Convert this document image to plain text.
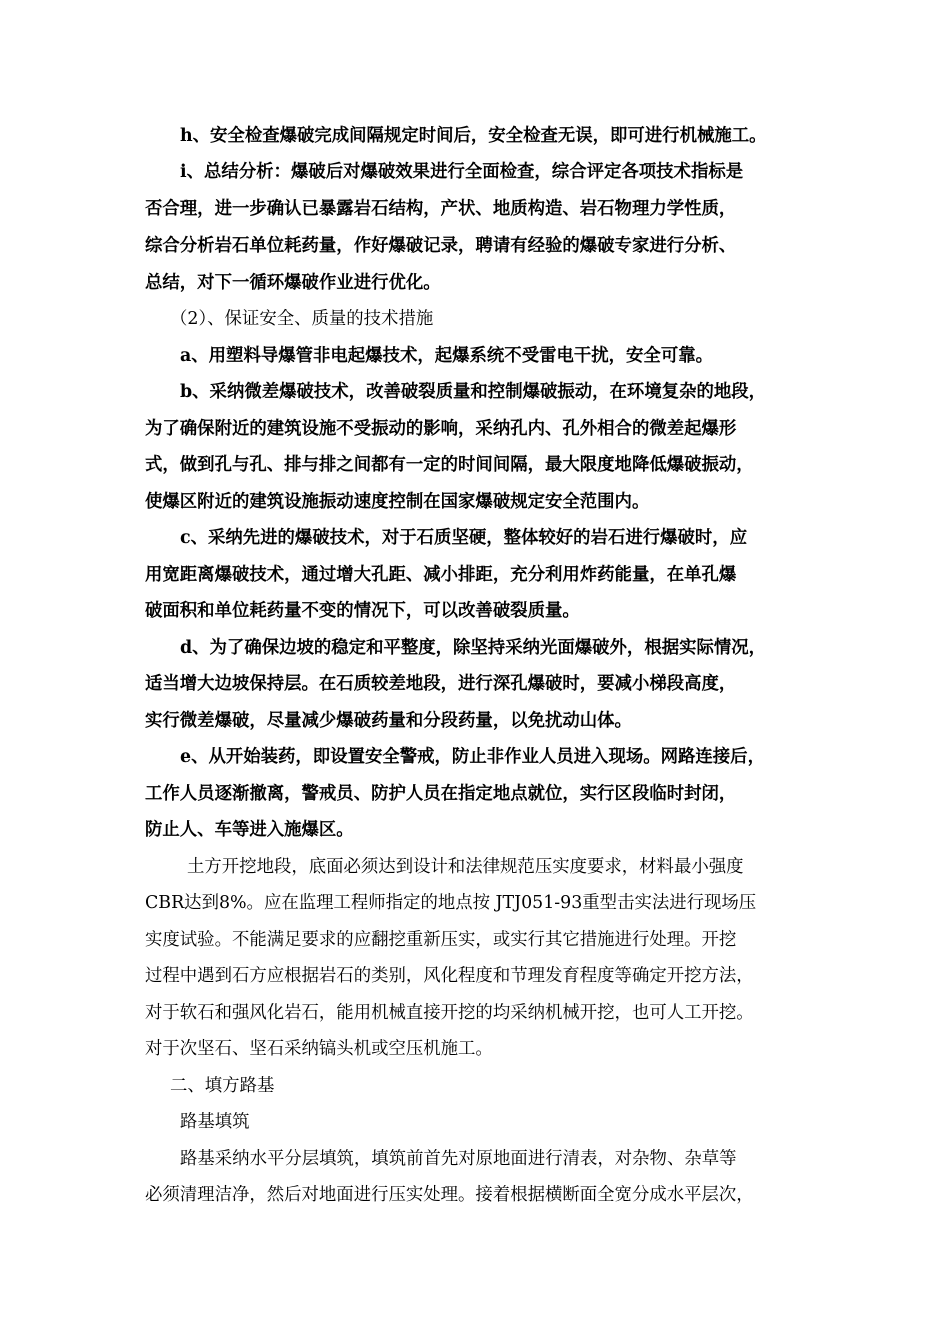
h、安全检查爆破完成间隔规定时间后，安全检查无误，即可进行机械施工。
i、总结分析：爆破后对爆破效果进行全面检查，综合评定各项技术指标是
否合理，进一步确认已暴露岩石结构，产状、地质构造、岩石物理力学性质，
综合分析岩石单位耗药量，作好爆破记录，聘请有经验的爆破专家进行分析、
总结，对下一循环爆破作业进行优化。
（2）、保证安全、质量的技术措施
a、用塑料导爆管非电起爆技术，起爆系统不受雷电干扰，安全可靠。
b、采纳微差爆破技术，改善破裂质量和控制爆破振动，在环境复杂的地段，
为了确保附近的建筑设施不受振动的影响，采纳孔内、孔外相合的微差起爆形
式，做到孔与孔、排与排之间都有一定的时间间隔，最大限度地降低爆破振动，
使爆区附近的建筑设施振动速度控制在国家爆破规定安全范围内。
c、采纳先进的爆破技术，对于石质坚硬，整体较好的岩石进行爆破时，应
用宽距离爆破技术，通过增大孔距、减小排距，充分利用炸药能量，在单孔爆
破面积和单位耗药量不变的情况下，可以改善破裂质量。
d、为了确保边坡的稳定和平整度，除坚持采纳光面爆破外，根据实际情况，
适当增大边坡保持层。在石质较差地段，进行深孔爆破时，要减小梯段高度，
实行微差爆破，尽量减少爆破药量和分段药量，以免扰动山体。
e、从开始装药，即设置安全警戒，防止非作业人员进入现场。网路连接后，
工作人员逐渐撤离，警戒员、防护人员在指定地点就位，实行区段临时封闭，
防止人、车等进入施爆区。
土方开挖地段，底面必须达到设计和法律规范压实度要求，材料最小强度
CBR达到8%。应在监理工程师指定的地点按 JTJ051-93重型击实法进行现场压
实度试验。不能满足要求的应翻挖重新压实，或实行其它措施进行处理。开挖
过程中遇到石方应根据岩石的类别，风化程度和节理发育程度等确定开挖方法，
对于软石和强风化岩石，能用机械直接开挖的均采纳机械开挖，也可人工开挖。
对于次坚石、坚石采纳镐头机或空压机施工。
二、填方路基
路基填筑
路基采纳水平分层填筑，填筑前首先对原地面进行清表，对杂物、杂草等
必须清理洁净，然后对地面进行压实处理。接着根据横断面全宽分成水平层次，
